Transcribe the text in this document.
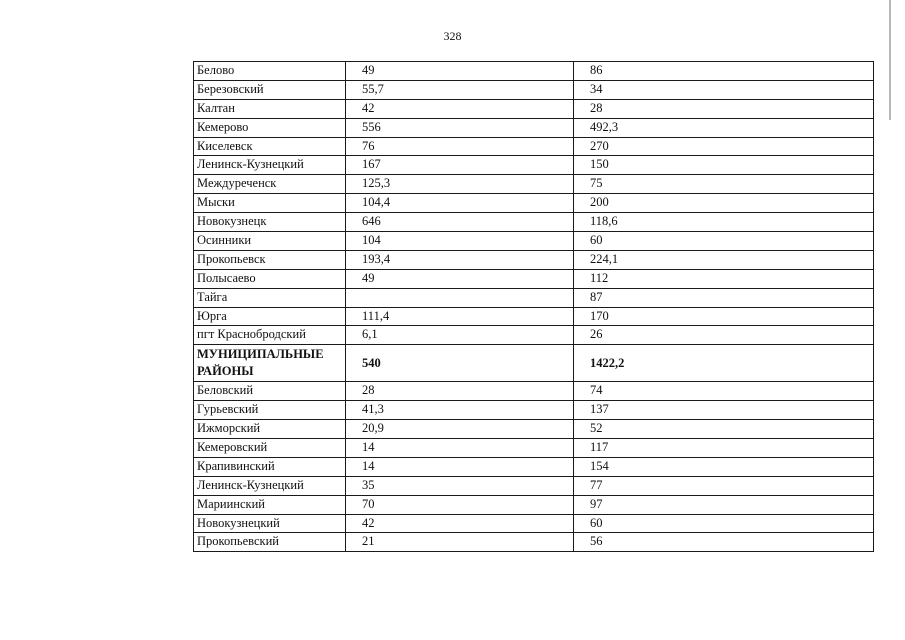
328
Белово	49	86
Березовский	55,7	34
Калтан	42	28
Кемерово	556	492,3
Киселевск	76	270
Ленинск-Кузнецкий	167	150
Междуреченск	125,3	75
Мыски	104,4	200
Новокузнецк	646	118,6
Осинники	104	60
Прокопьевск	193,4	224,1
Полысаево	49	112
Тайга		87
Юрга	111,4	170
пгт Краснобродский	6,1	26
МУНИЦИПАЛЬНЫЕ РАЙОНЫ	540	1422,2
Беловский	28	74
Гурьевский	41,3	137
Ижморский	20,9	52
Кемеровский	14	117
Крапивинский	14	154
Ленинск-Кузнецкий	35	77
Мариинский	70	97
Новокузнецкий	42	60
Прокопьевский	21	56
